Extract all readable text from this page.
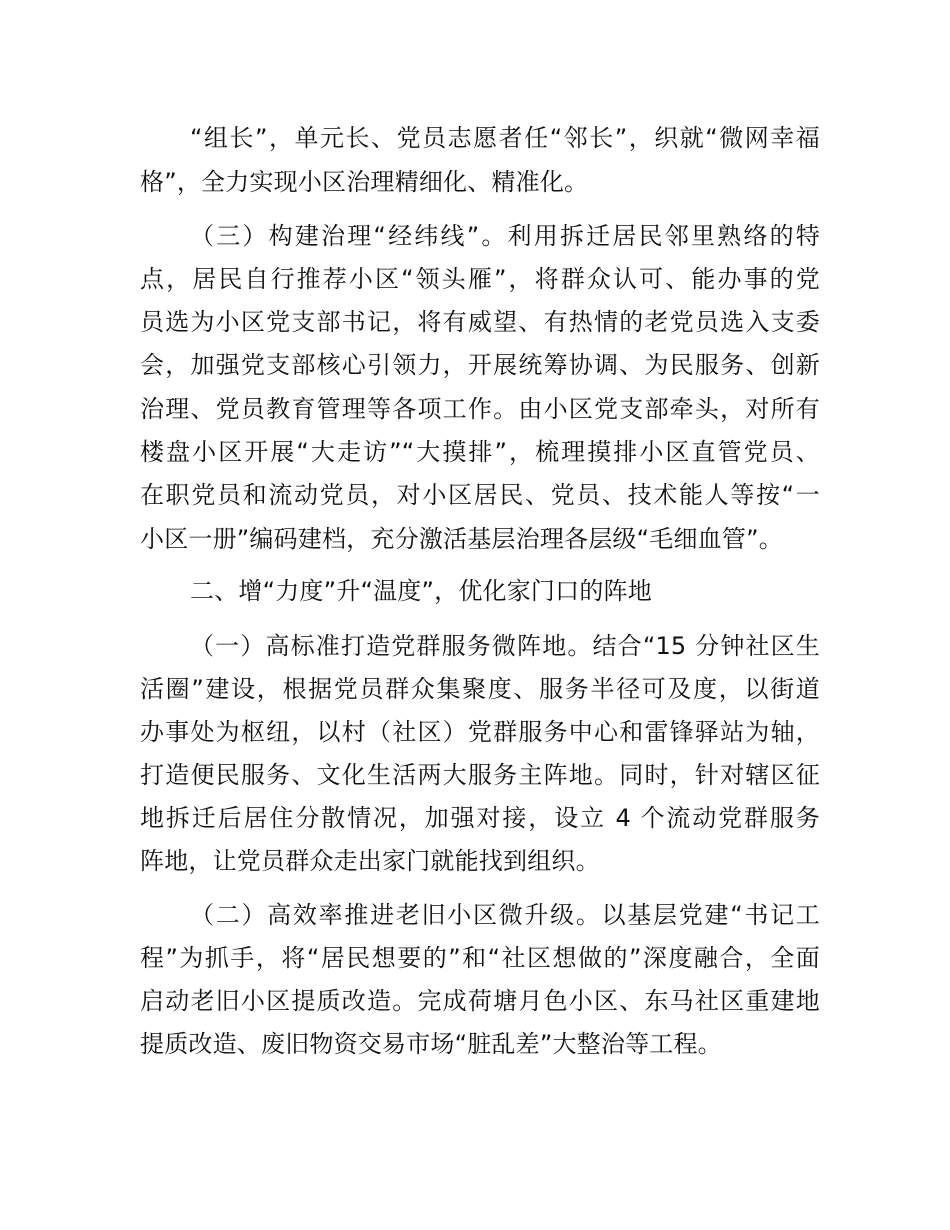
“组长”，单元长、党员志愿者任“邻长”，织就“微网幸福
格”，全力实现小区治理精细化、精准化。
（三）构建治理“经纬线”。利用拆迁居民邻里熟络的特
点，居民自行推荐小区“领头雁”，将群众认可、能办事的党
员选为小区党支部书记，将有威望、有热情的老党员选入支委
会，加强党支部核心引领力，开展统筹协调、为民服务、创新
治理、党员教育管理等各项工作。由小区党支部牵头，对所有
楼盘小区开展“大走访”“大摸排”，梳理摸排小区直管党员、
在职党员和流动党员，对小区居民、党员、技术能人等按“一
小区一册”编码建档，充分激活基层治理各层级“毛细血管”。
二、增“力度”升“温度”，优化家门口的阵地
（一）高标准打造党群服务微阵地。结合“15 分钟社区生
活圈”建设，根据党员群众集聚度、服务半径可及度，以街道
办事处为枢纽，以村（社区）党群服务中心和雷锋驿站为轴，
打造便民服务、文化生活两大服务主阵地。同时，针对辖区征
地拆迁后居住分散情况，加强对接，设立 4 个流动党群服务
阵地，让党员群众走出家门就能找到组织。
（二）高效率推进老旧小区微升级。以基层党建“书记工
程”为抓手，将“居民想要的”和“社区想做的”深度融合，全面
启动老旧小区提质改造。完成荷塘月色小区、东马社区重建地
提质改造、废旧物资交易市场“脏乱差”大整治等工程。
